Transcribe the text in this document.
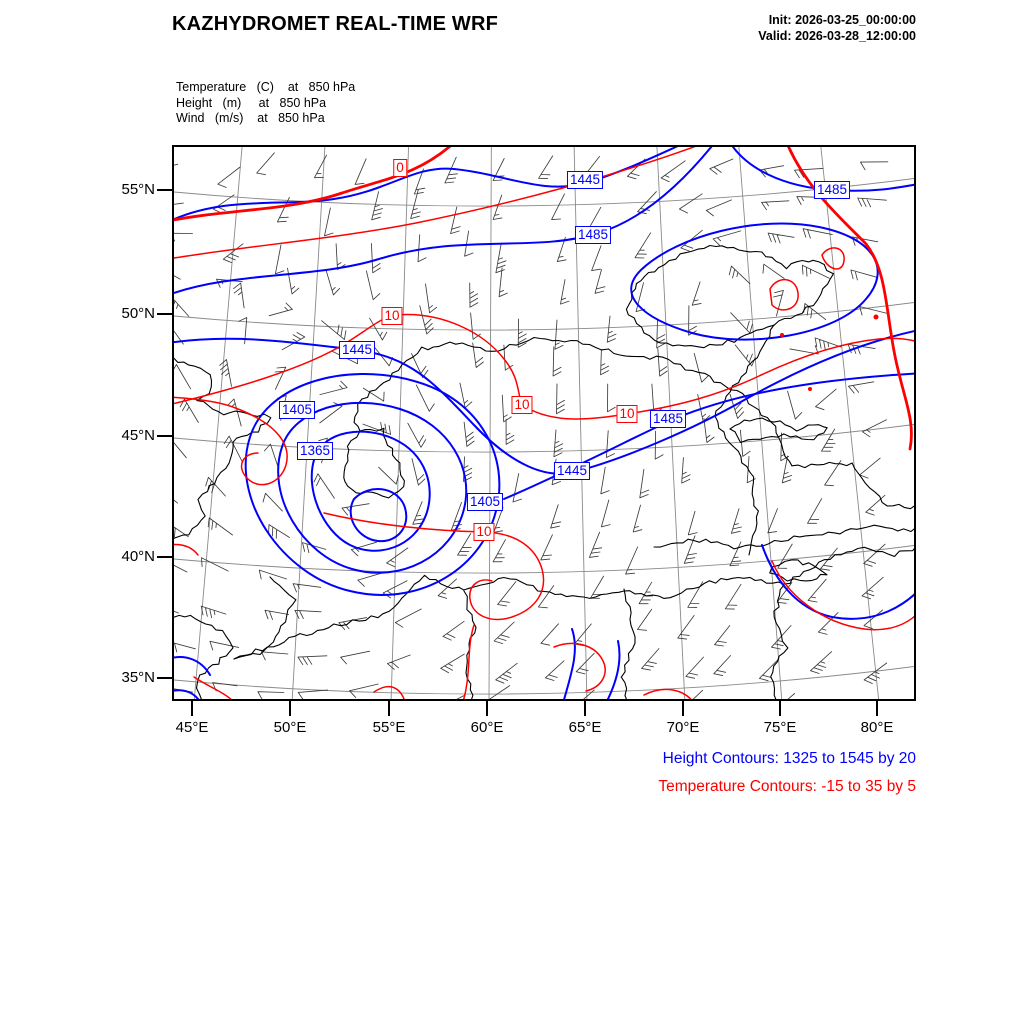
KAZHYDROMET REAL-TIME WRF	Init: 2026-03-25_00:00:00
Valid: 2026-03-28_12:00:00
Temperature   (C)    at   850 hPa
Height   (m)     at   850 hPa
Wind   (m/s)    at   850 hPa
0
1445
1485
1485
10
1445
10
1405	10 1485
1365
1445
1405
10
55°N
50°N
45°N
40°N
35°N
45°E	50°E	55°E	60°E	65°E	70°E	75°E	80°E
Height Contours: 1325 to 1545 by 20
Temperature Contours: -15 to 35 by 5
